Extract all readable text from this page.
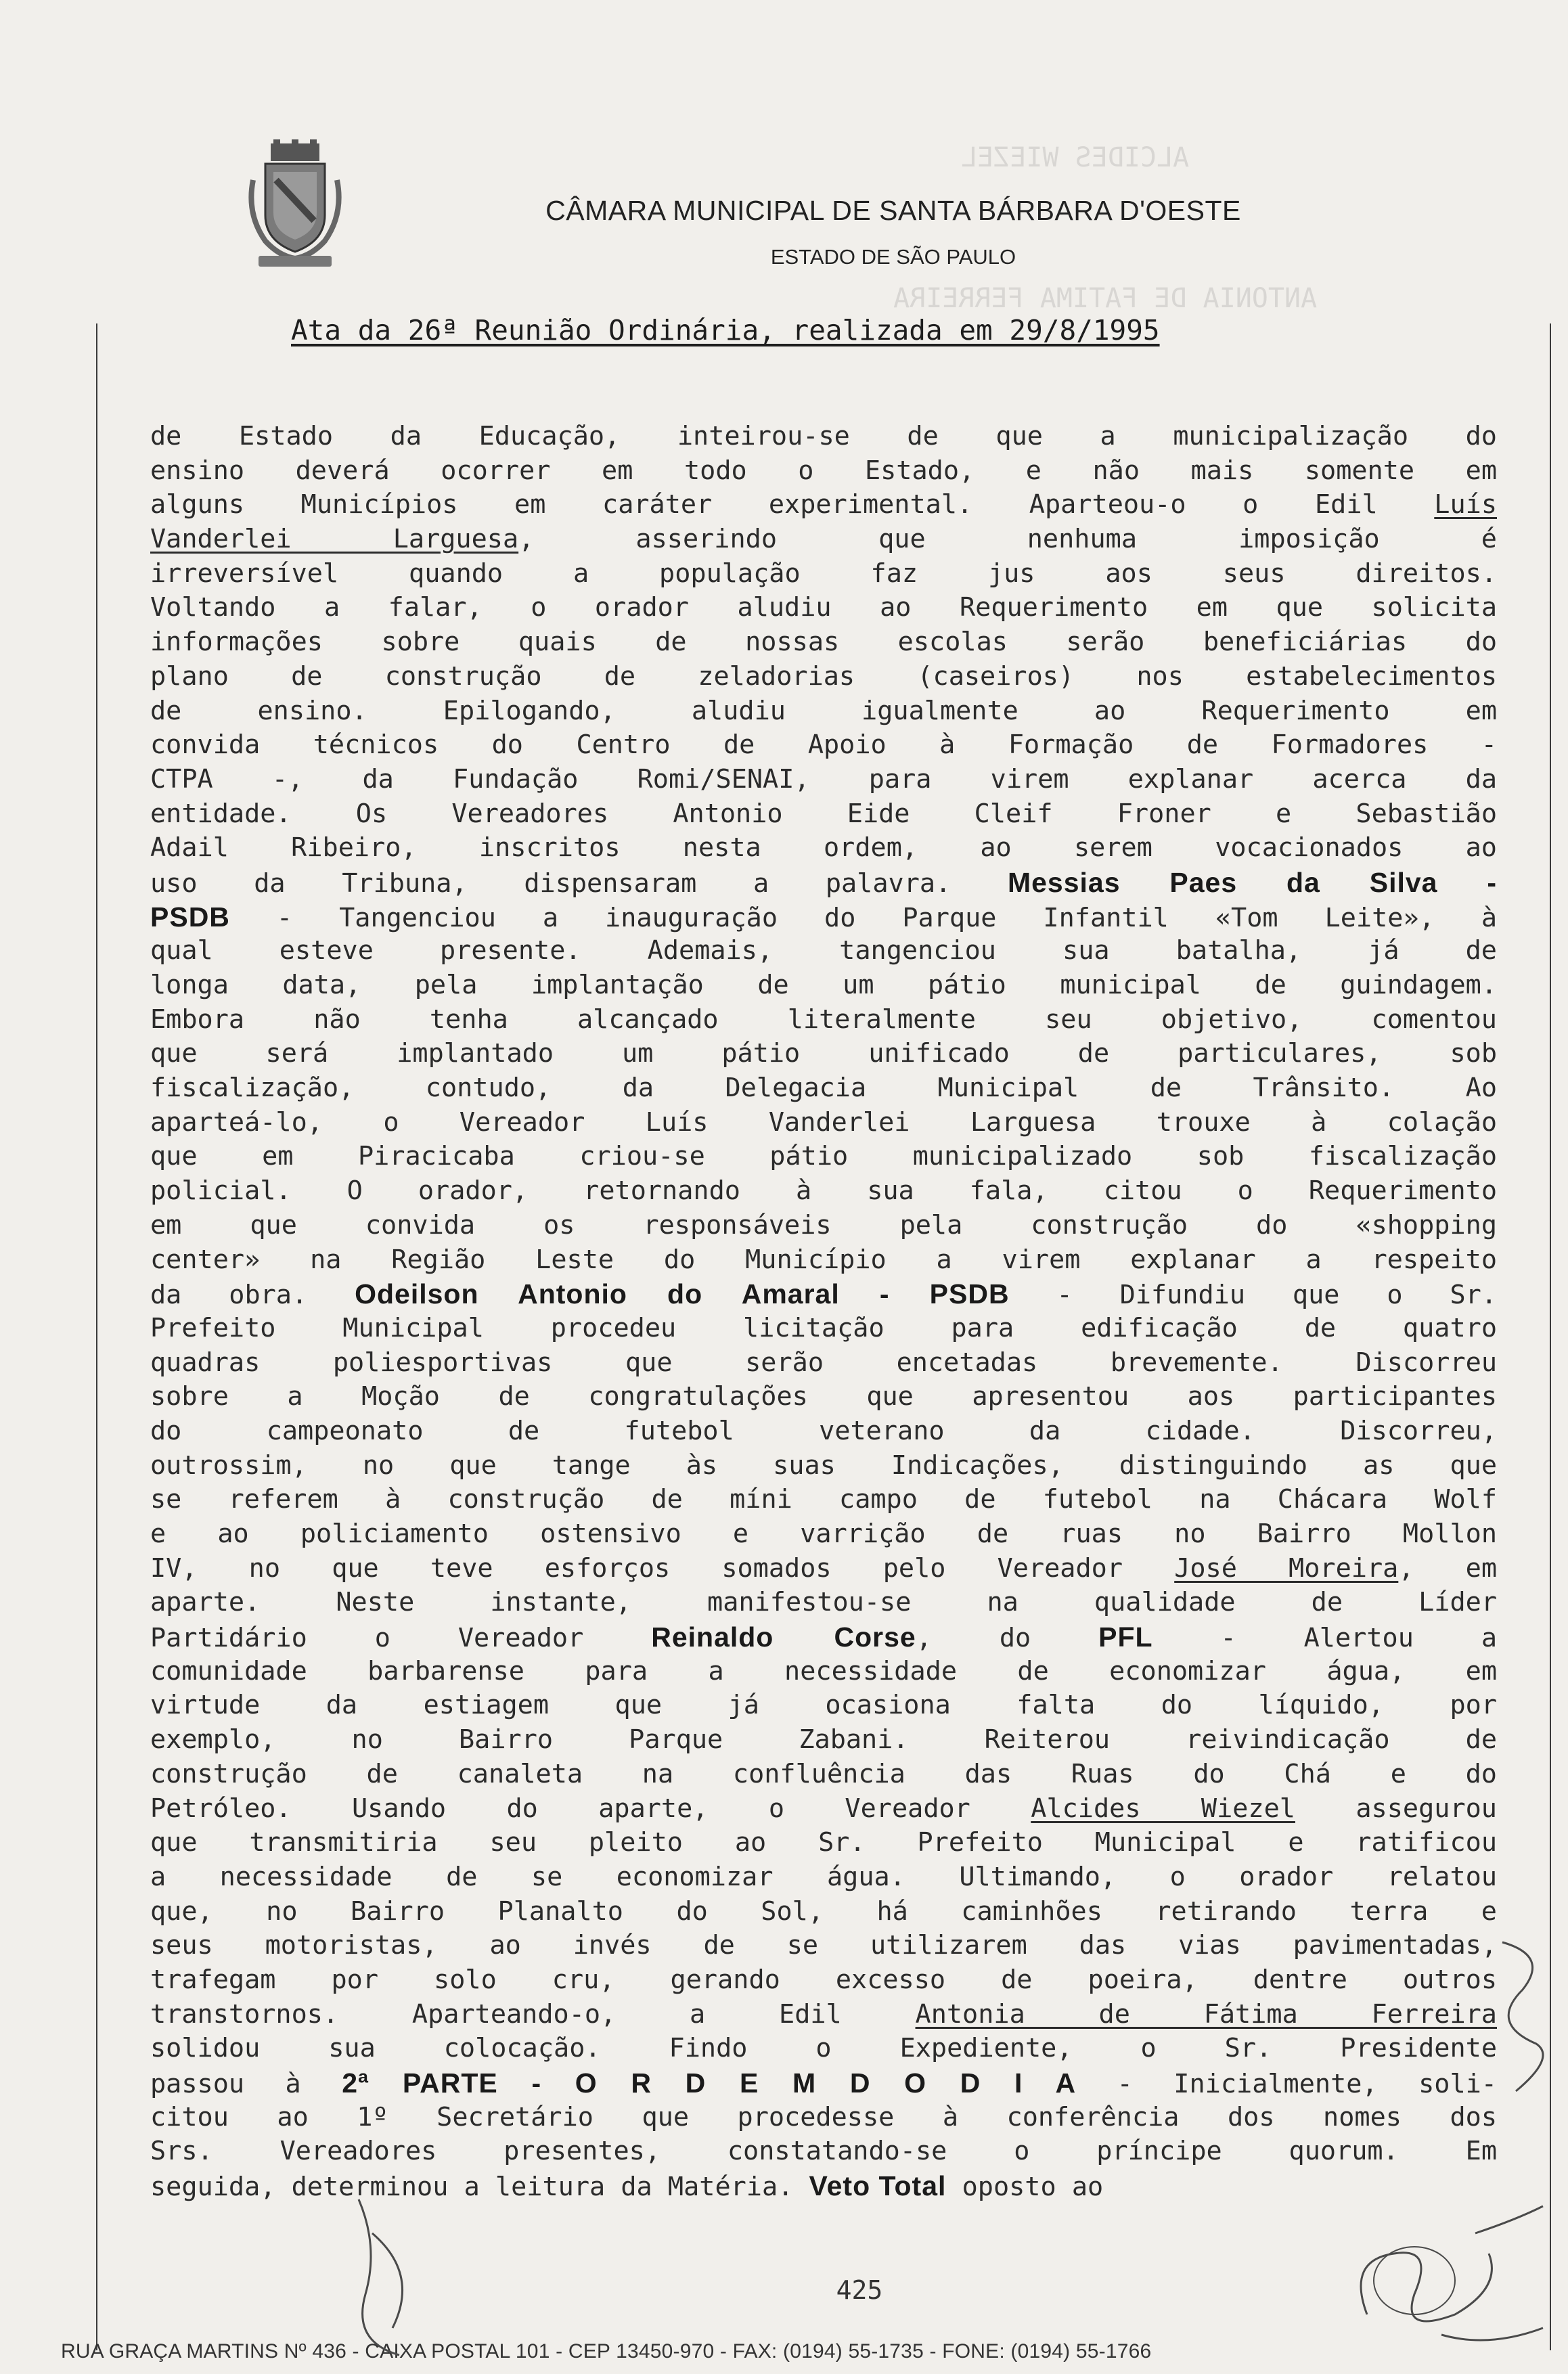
ALCIDES WIEZEL
ANTONIA DE FATIMA FERREIRA
CÂMARA MUNICIPAL DE SANTA BÁRBARA D'OESTE
ESTADO DE SÃO PAULO
Ata da 26ª Reunião Ordinária, realizada em 29/8/1995
de Estado da Educação, inteirou-se de que a municipalização do
ensino deverá ocorrer em todo o Estado, e não mais somente em
alguns Municípios em caráter experimental. Aparteou-o o Edil Luís
Vanderlei Larguesa, asserindo que nenhuma imposição é
irreversível quando a população faz jus aos seus direitos.
Voltando a falar, o orador aludiu ao Requerimento em que solicita
informações sobre quais de nossas escolas serão beneficiárias do
plano de construção de zeladorias (caseiros) nos estabelecimentos
de ensino. Epilogando, aludiu igualmente ao Requerimento em
convida técnicos do Centro de Apoio à Formação de Formadores -
CTPA -, da Fundação Romi/SENAI, para virem explanar acerca da
entidade. Os Vereadores Antonio Eide Cleif Froner e Sebastião
Adail Ribeiro, inscritos nesta ordem, ao serem vocacionados ao
uso da Tribuna, dispensaram a palavra. Messias Paes da Silva -
PSDB - Tangenciou a inauguração do Parque Infantil «Tom Leite», à
qual esteve presente. Ademais, tangenciou sua batalha, já de
longa data, pela implantação de um pátio municipal de guindagem.
Embora não tenha alcançado literalmente seu objetivo, comentou
que será implantado um pátio unificado de particulares, sob
fiscalização, contudo, da Delegacia Municipal de Trânsito. Ao
aparteá-lo, o Vereador Luís Vanderlei Larguesa trouxe à colação
que em Piracicaba criou-se pátio municipalizado sob fiscalização
policial. O orador, retornando à sua fala, citou o Requerimento
em que convida os responsáveis pela construção do «shopping
center» na Região Leste do Município a virem explanar a respeito
da obra. Odeilson Antonio do Amaral - PSDB - Difundiu que o Sr.
Prefeito Municipal procedeu licitação para edificação de quatro
quadras poliesportivas que serão encetadas brevemente. Discorreu
sobre a Moção de congratulações que apresentou aos participantes
do campeonato de futebol veterano da cidade. Discorreu,
outrossim, no que tange às suas Indicações, distinguindo as que
se referem à construção de míni campo de futebol na Chácara Wolf
e ao policiamento ostensivo e varrição de ruas no Bairro Mollon
IV, no que teve esforços somados pelo Vereador José Moreira, em
aparte. Neste instante, manifestou-se na qualidade de Líder
Partidário o Vereador Reinaldo Corse, do PFL - Alertou a
comunidade barbarense para a necessidade de economizar água, em
virtude da estiagem que já ocasiona falta do líquido, por
exemplo, no Bairro Parque Zabani. Reiterou reivindicação de
construção de canaleta na confluência das Ruas do Chá e do
Petróleo. Usando do aparte, o Vereador Alcides Wiezel assegurou
que transmitiria seu pleito ao Sr. Prefeito Municipal e ratificou
a necessidade de se economizar água. Ultimando, o orador relatou
que, no Bairro Planalto do Sol, há caminhões retirando terra e
seus motoristas, ao invés de se utilizarem das vias pavimentadas,
trafegam por solo cru, gerando excesso de poeira, dentre outros
transtornos. Aparteando-o, a Edil Antonia de Fátima Ferreira
solidou sua colocação. Findo o Expediente, o Sr. Presidente
passou à 2ª PARTE - O R D E M D O D I A - Inicialmente, soli-
citou ao 1º Secretário que procedesse à conferência dos nomes dos
Srs. Vereadores presentes, constatando-se o príncipe quorum. Em
seguida, determinou a leitura da Matéria. Veto Total oposto ao
425
RUA GRAÇA MARTINS Nº 436 - CAIXA POSTAL 101 - CEP 13450-970 - FAX: (0194) 55-1735 - FONE: (0194) 55-1766
